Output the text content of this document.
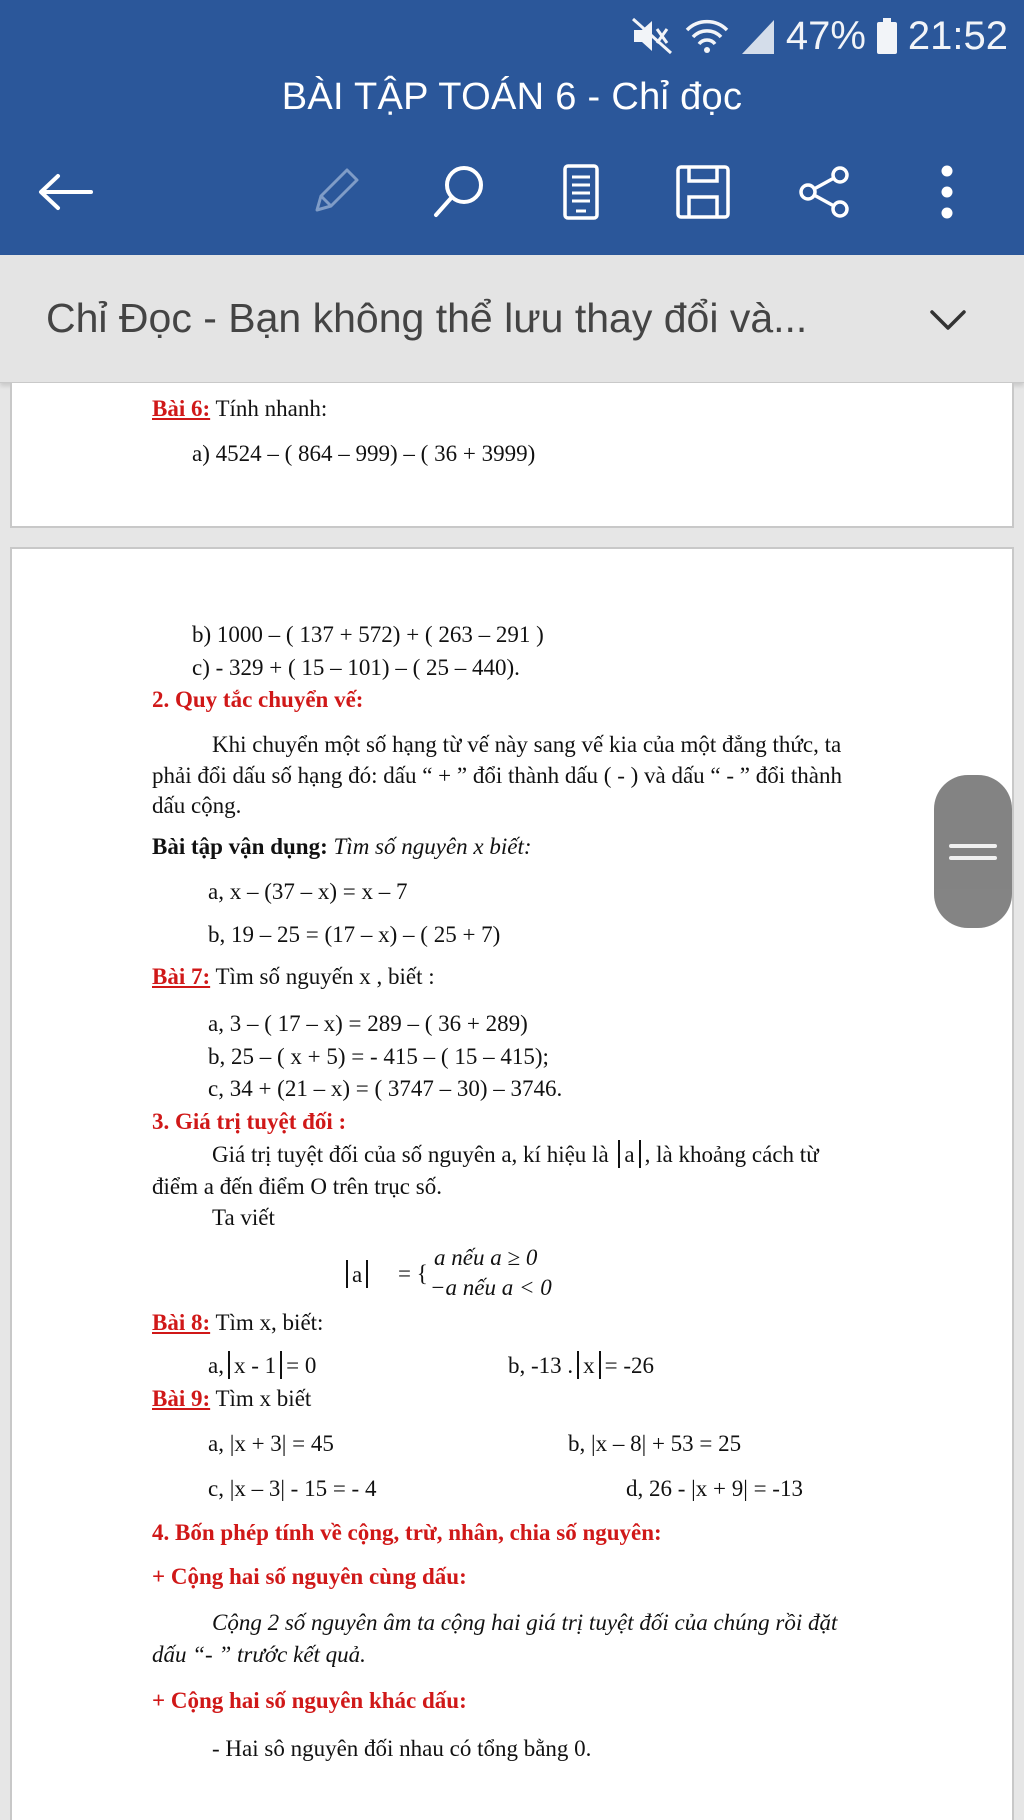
47% 21:52
BÀI TẬP TOÁN 6 - Chỉ đọc
Chỉ Đọc - Bạn không thể lưu thay đổi và...
Bài 6: Tính nhanh:
a) 4524 – ( 864 – 999) – ( 36 + 3999)
b) 1000 – ( 137 + 572) + ( 263 – 291 )
c) - 329 + ( 15 – 101) – ( 25 – 440).
2. Quy tắc chuyển vế:
Khi chuyển một số hạng từ vế này sang vế kia của một đẳng thức, ta
phải đổi dấu số hạng đó: dấu “ + ” đổi thành dấu ( - ) và dấu “ - ” đổi thành
dấu cộng.
Bài tập vận dụng: Tìm số nguyên x biết:
a, x – (37 – x) = x – 7
b, 19 – 25 = (17 – x) – ( 25 + 7)
Bài 7: Tìm số nguyến x , biết :
a, 3 – ( 17 – x) = 289 – ( 36 + 289)
b, 25 – ( x + 5) = - 415 – ( 15 – 415);
c, 34 + (21 – x) = ( 3747 – 30) – 3746.
3. Giá trị tuyệt đối :
Giá trị tuyệt đối của số nguyên a, kí hiệu là a , là khoảng cách từ
điểm a đến điểm O trên trục số.
Ta viết
a	= {
a nếu a ≥ 0
−a nếu a < 0
Bài 8: Tìm x, biết:
a, x - 1 = 0	b, -13 . x = -26
Bài 9: Tìm x biết
a, |x + 3| = 45	b, |x – 8| + 53 = 25
c, |x – 3| - 15 = - 4	d, 26 - |x + 9| = -13
4. Bốn phép tính về cộng, trừ, nhân, chia số nguyên:
+ Cộng hai số nguyên cùng dấu:
Cộng 2 số nguyên âm ta cộng hai giá trị tuyệt đối của chúng rồi đặt
dấu “- ” trước kết quả.
+ Cộng hai số nguyên khác dấu:
- Hai sô nguyên đối nhau có tổng bằng 0.
